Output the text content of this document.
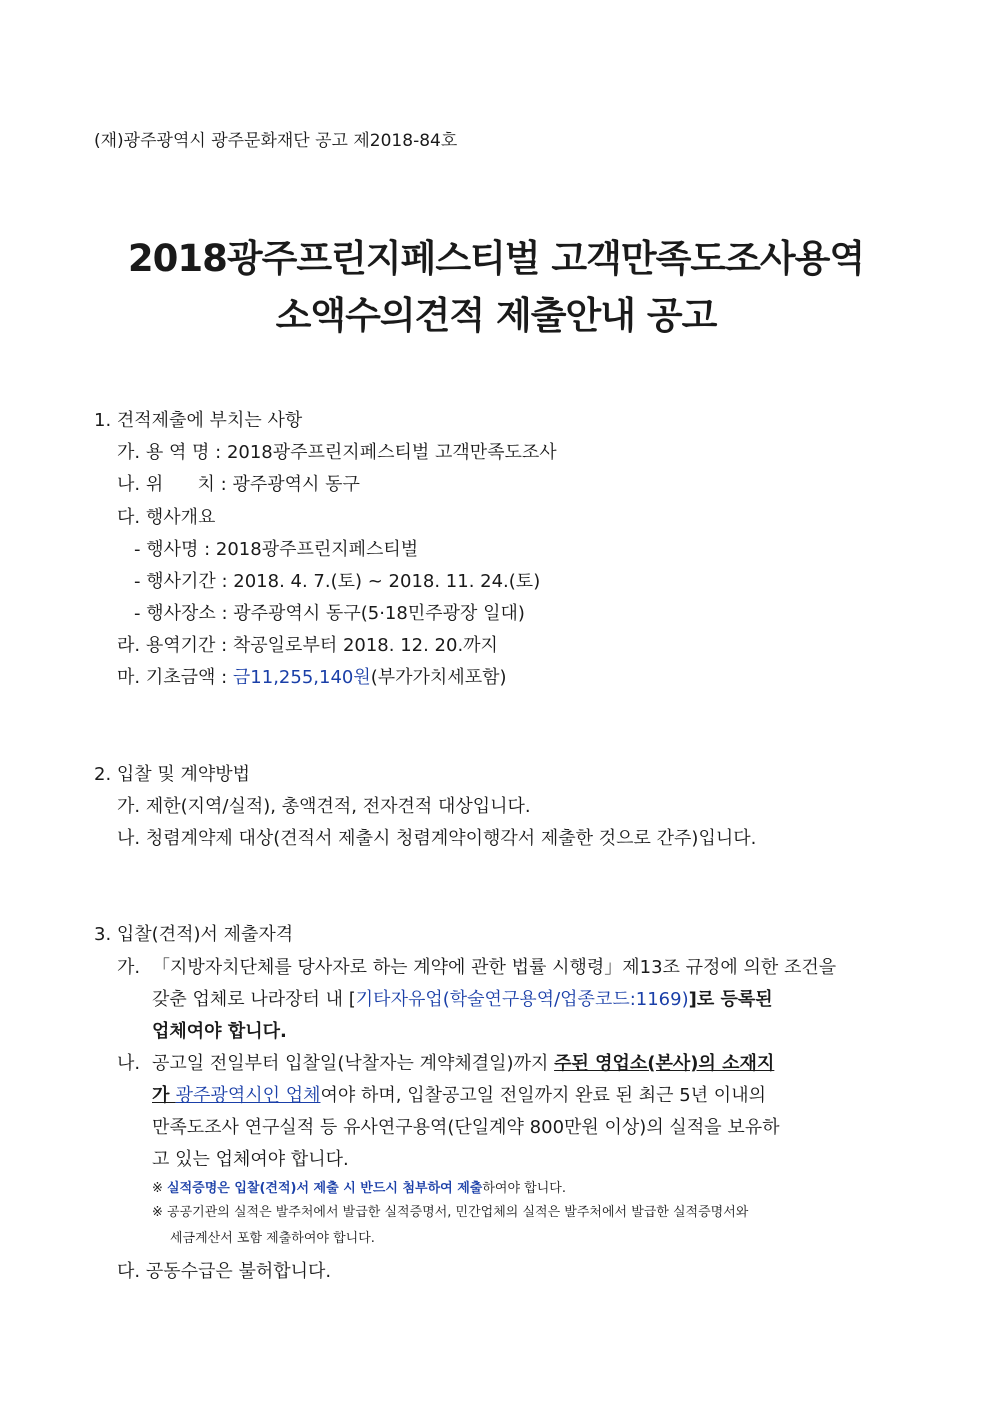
(재)광주광역시 광주문화재단 공고 제2018-84호
2018광주프린지페스티벌 고객만족도조사용역
소액수의견적 제출안내 공고
1. 견적제출에 부치는 사항
가. 용 역 명 : 2018광주프린지페스티벌 고객만족도조사
나. 위      치 : 광주광역시 동구
다. 행사개요
- 행사명 : 2018광주프린지페스티벌
- 행사기간 : 2018. 4. 7.(토) ~ 2018. 11. 24.(토)
- 행사장소 : 광주광역시 동구(5·18민주광장 일대)
라. 용역기간 : 착공일로부터 2018. 12. 20.까지
마. 기초금액 : 금11,255,140원(부가가치세포함)
2. 입찰 및 계약방법
가. 제한(지역/실적), 총액견적, 전자견적 대상입니다.
나. 청렴계약제 대상(견적서 제출시 청렴계약이행각서 제출한 것으로 간주)입니다.
3. 입찰(견적)서 제출자격
가. 「지방자치단체를 당사자로 하는 계약에 관한 법률 시행령」제13조 규정에 의한 조건을
갖춘 업체로 나라장터 내 [기타자유업(학술연구용역/업종코드:1169)]로 등록된
업체여야 합니다.
나. 공고일 전일부터 입찰일(낙찰자는 계약체결일)까지 주된 영업소(본사)의 소재지
가 광주광역시인 업체여야 하며, 입찰공고일 전일까지 완료 된 최근 5년 이내의
만족도조사 연구실적 등 유사연구용역(단일계약 800만원 이상)의 실적을 보유하
고 있는 업체여야 합니다.
※ 실적증명은 입찰(견적)서 제출 시 반드시 첨부하여 제출하여야 합니다.
※ 공공기관의 실적은 발주처에서 발급한 실적증명서, 민간업체의 실적은 발주처에서 발급한 실적증명서와
세금계산서 포함 제출하여야 합니다.
다. 공동수급은 불허합니다.
